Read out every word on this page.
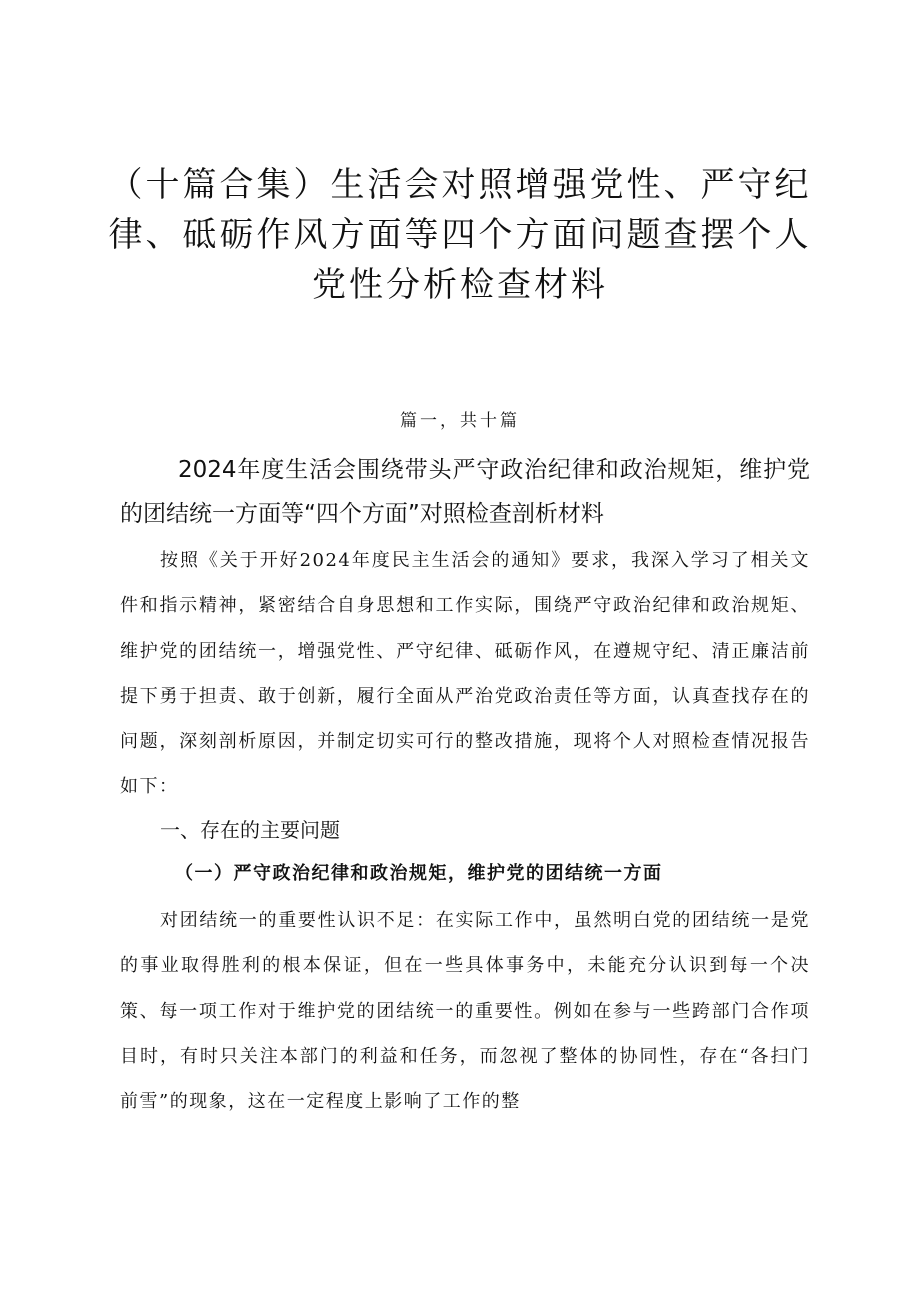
（十篇合集）生活会对照增强党性、严守纪律、砥砺作风方面等四个方面问题查摆个人党性分析检查材料
篇一，共十篇
2024年度生活会围绕带头严守政治纪律和政治规矩，维护党的团结统一方面等“四个方面”对照检查剖析材料

按照《关于开好2024年度民主生活会的通知》要求，我深入学习了相关文件和指示精神，紧密结合自身思想和工作实际，围绕严守政治纪律和政治规矩、维护党的团结统一，增强党性、严守纪律、砥砺作风，在遵规守纪、清正廉洁前提下勇于担责、敢于创新，履行全面从严治党政治责任等方面，认真查找存在的问题，深刻剖析原因，并制定切实可行的整改措施，现将个人对照检查情况报告如下：

一、存在的主要问题
（一）严守政治纪律和政治规矩，维护党的团结统一方面

对团结统一的重要性认识不足：在实际工作中，虽然明白党的团结统一是党的事业取得胜利的根本保证，但在一些具体事务中，未能充分认识到每一个决策、每一项工作对于维护党的团结统一的重要性。例如在参与一些跨部门合作项目时，有时只关注本部门的利益和任务，而忽视了整体的协同性，存在“各扫门前雪”的现象，这在一定程度上影响了工作的整
